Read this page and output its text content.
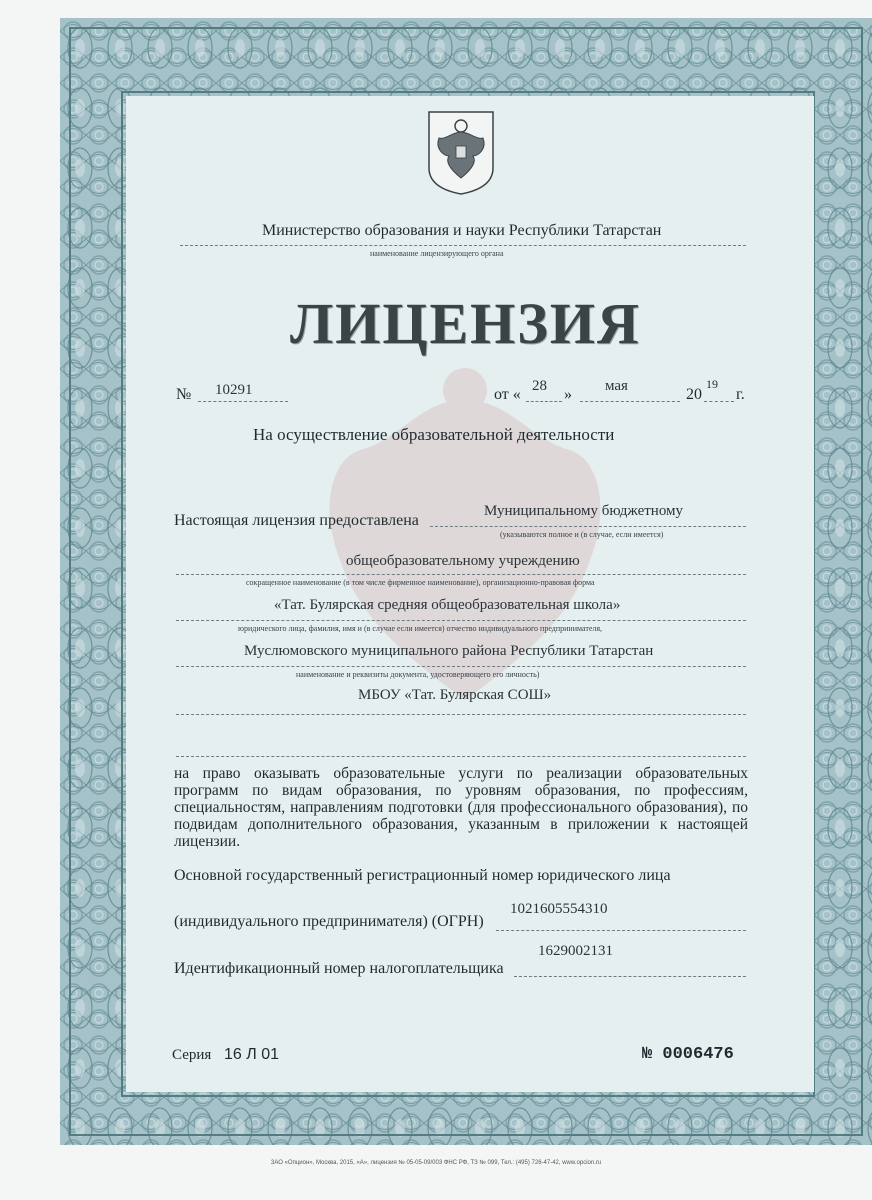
Министерство образования и науки Республики Татарстан
наименование лицензирующего органа
ЛИЦЕНЗИЯ
№ 10291	от « 28 » мая	20
19
г.
На осуществление образовательной деятельности
Настоящая лицензия предоставлена
Муниципальному бюджетному
(указываются полное и (в случае, если имеется)
общеобразовательному учреждению
сокращенное наименование (в том числе фирменное наименование), организационно-правовая форма
«Тат. Булярская средняя общеобразовательная школа»
юридического лица, фамилия, имя и (в случае если имеется) отчество индивидуального предпринимателя,
Муслюмовского муниципального района Республики Татарстан
наименование и реквизиты документа, удостоверяющего его личность)
МБОУ «Тат. Булярская СОШ»
на право оказывать образовательные услуги по реализации образовательных программ по видам образования, по уровням образования, по профессиям, специальностям, направлениям подготовки (для профессионального образования), по подвидам дополнительного образования, указанным в приложении к настоящей лицензии.
Основной государственный регистрационный номер юридического лица
(индивидуального предпринимателя) (ОГРН)
1021605554310
Идентификационный номер налогоплательщика
1629002131
Серия 16 Л 01	№ 0006476
ЗАО «Опцион», Москва, 2015, «А», лицензия № 05-05-09/003 ФНС РФ, ТЗ № 099, Тел.: (495) 726-47-42, www.opcion.ru
